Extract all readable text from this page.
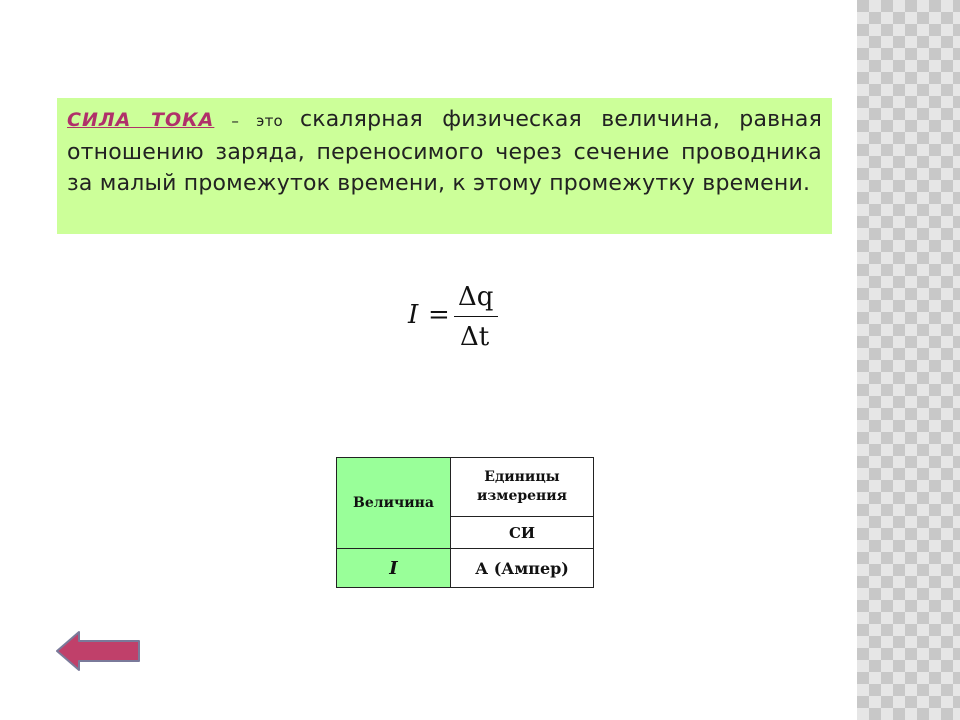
СИЛА ТОКА – это скалярная физическая величина, равная отношению заряда, переносимого через сечение проводника за малый промежуток времени, к этому промежутку времени.

I =
Δq
Δt
Величина	Единицы измерения
	СИ
I	А (Ампер)
